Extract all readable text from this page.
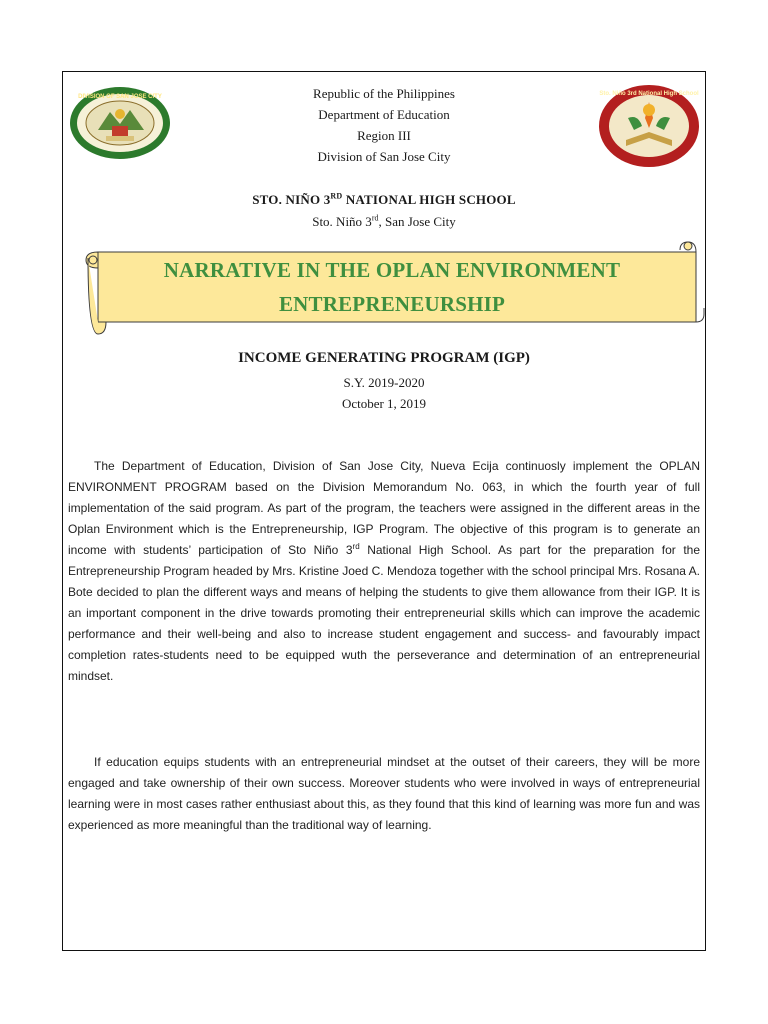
DIVISION OF SAN JOSE CITY	Sto. Niño 3rd National High School
Republic of the Philippines
Department of Education
Region III
Division of San Jose City
STO. NIÑO 3RD NATIONAL HIGH SCHOOL
Sto. Niño 3rd, San Jose City
NARRATIVE IN THE OPLAN ENVIRONMENT
ENTREPRENEURSHIP
INCOME GENERATING PROGRAM (IGP)
S.Y. 2019-2020
October 1, 2019
The Department of Education, Division of San Jose City, Nueva Ecija continuosly implement the OPLAN ENVIRONMENT PROGRAM based on the Division Memorandum No. 063, in which the fourth year of full implementation of the said program. As part of the program, the teachers were assigned in the different areas in the Oplan Environment which is the Entrepreneurship, IGP Program. The objective of this program is to generate an income with students’ participation of Sto Niño 3rd National High School. As part for the preparation for the Entrepreneurship Program headed by Mrs. Kristine Joed C. Mendoza together with the school principal Mrs. Rosana A. Bote decided to plan the different ways and means of helping the students to give them allowance from their IGP. It is an important component in the drive towards promoting their entrepreneurial skills which can improve the academic performance and their well-being and also to increase student engagement and success- and favourably impact completion rates-students need to be equipped wuth the perseverance and determination of an entrepreneurial mindset.
If education equips students with an entrepreneurial mindset at the outset of their careers, they will be more engaged and take ownership of their own success. Moreover students who were involved in ways of entrepreneurial learning were in most cases rather enthusiast about this, as they found that this kind of learning was more fun and was experienced as more meaningful than the traditional way of learning.
